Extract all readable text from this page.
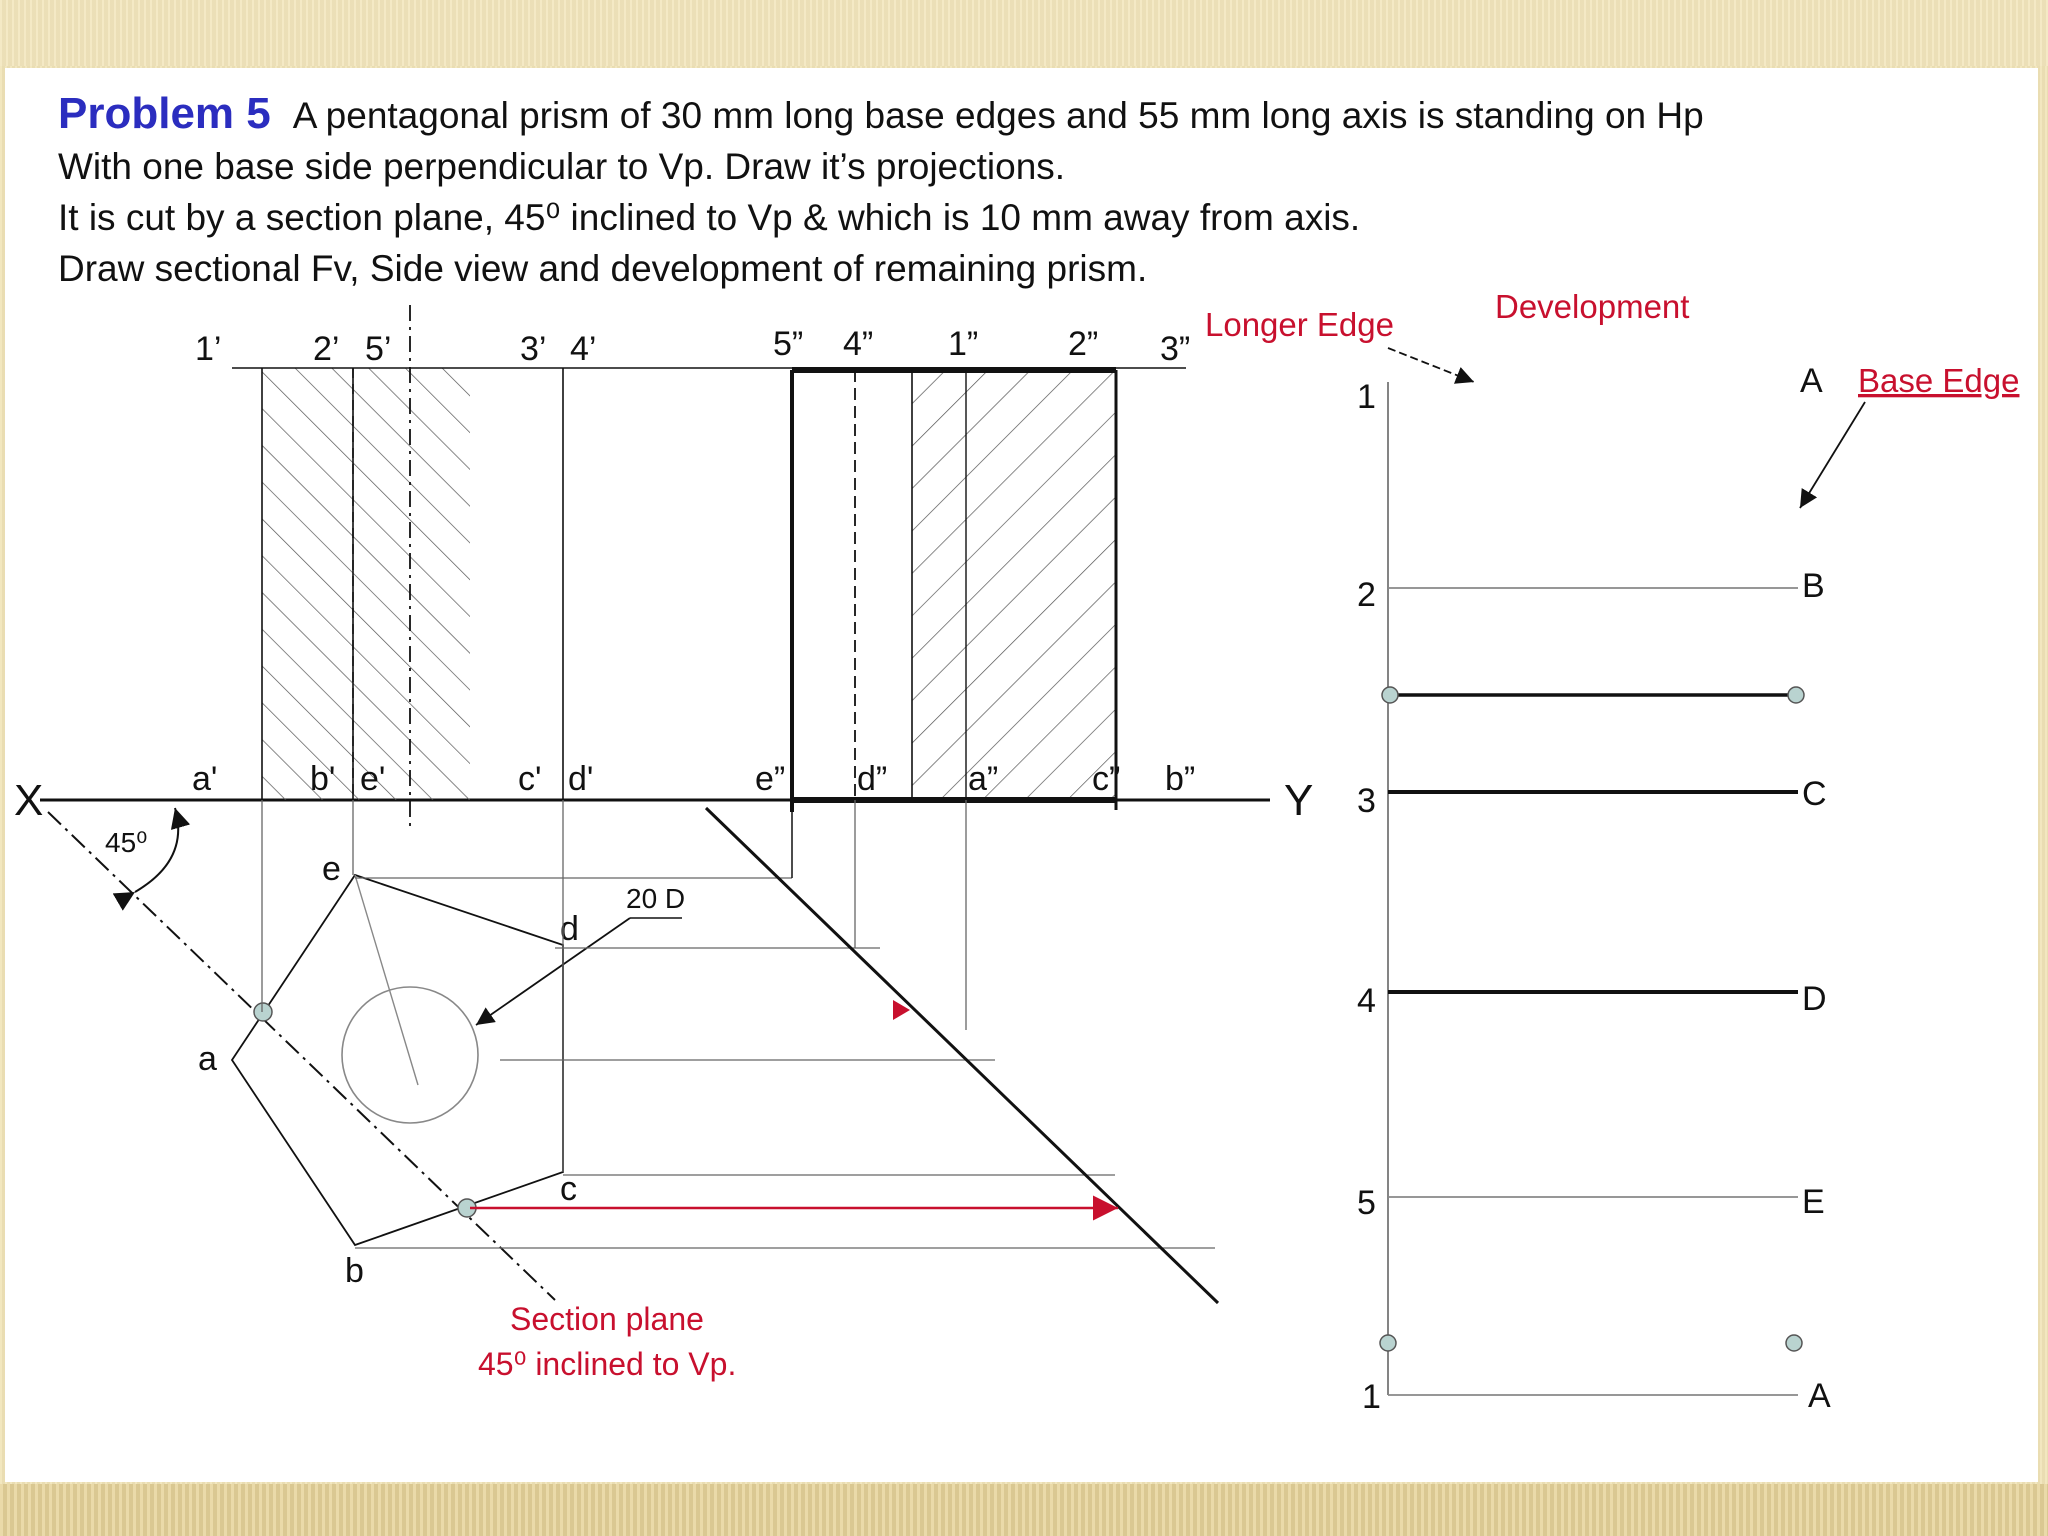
Problem 5 A pentagonal prism of 30 mm long base edges and 55 mm long axis is standing on Hp
With one base side perpendicular to Vp. Draw it’s projections.
It is cut by a section plane, 45⁰ inclined to Vp & which is 10 mm away from axis.
Draw sectional Fv, Side view and development of remaining prism.
X	Y
1’	2’ 5’	3’ 4’
a'	b' e'	c' d'
5” 4” 1”	2” 3”
e” d” a”	c” b”
a
b
c
d
e
45⁰
20 D
Section plane
45⁰ inclined to Vp.
Development
Longer Edge
Base Edge
1
2
3
4
5
1
A
B
C
D
E
A
